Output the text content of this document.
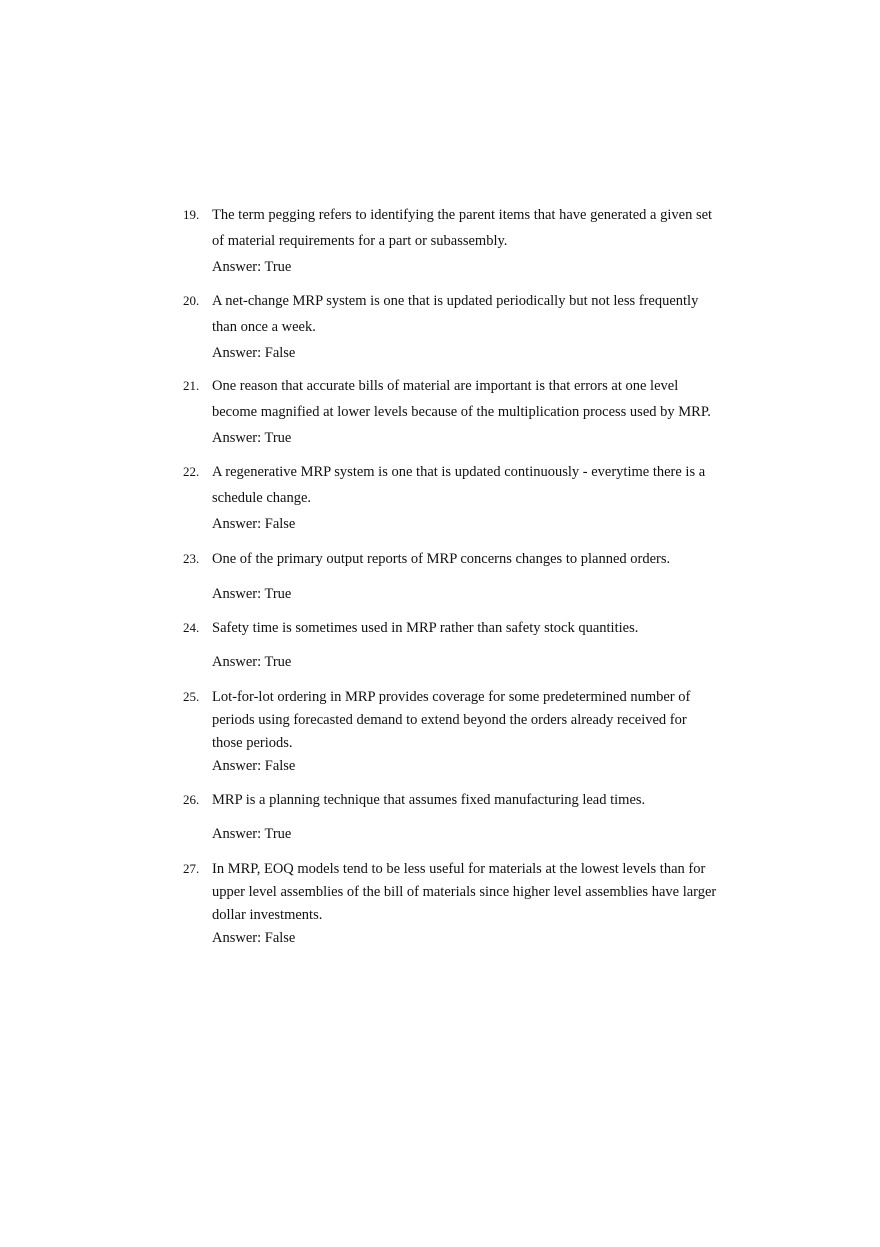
19. The term pegging refers to identifying the parent items that have generated a given set
of material requirements for a part or subassembly.
Answer: True
20. A net-change MRP system is one that is updated periodically but not less frequently
than once a week.
Answer: False
21. One reason that accurate bills of material are important is that errors at one level
become magnified at lower levels because of the multiplication process used by MRP.
Answer: True
22. A regenerative MRP system is one that is updated continuously - everytime there is a
schedule change.
Answer: False
23. One of the primary output reports of MRP concerns changes to planned orders.
Answer: True
24. Safety time is sometimes used in MRP rather than safety stock quantities.
Answer: True
25. Lot-for-lot ordering in MRP provides coverage for some predetermined number of
periods using forecasted demand to extend beyond the orders already received for
those periods.
Answer: False
26. MRP is a planning technique that assumes fixed manufacturing lead times.
Answer: True
27. In MRP, EOQ models tend to be less useful for materials at the lowest levels than for
upper level assemblies of the bill of materials since higher level assemblies have larger
dollar investments.
Answer: False
